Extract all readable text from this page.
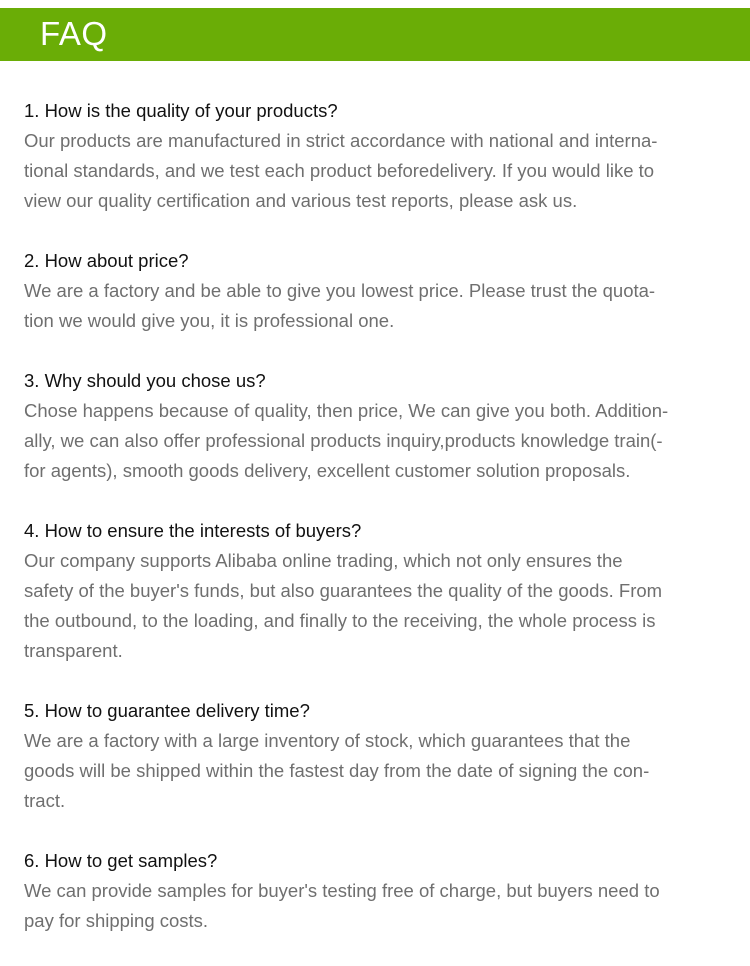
FAQ
1. How is the quality of your products?
Our products are manufactured in strict accordance with national and interna-
tional standards, and we test each product beforedelivery. If you would like to
view our quality certification and various test reports, please ask us.
2. How about price?
We are a factory and be able to give you lowest price. Please trust the quota-
tion we would give you, it is professional one.
3. Why should you chose us?
Chose happens because of quality, then price, We can give you both. Addition-
ally, we can also offer professional products inquiry,products knowledge train(-
for agents), smooth goods delivery, excellent customer solution proposals.
4. How to ensure the interests of buyers?
Our company supports Alibaba online trading, which not only ensures the
safety of the buyer's funds, but also guarantees the quality of the goods. From
the outbound, to the loading, and finally to the receiving, the whole process is
transparent.
5. How to guarantee delivery time?
We are a factory with a large inventory of stock, which guarantees that the
goods will be shipped within the fastest day from the date of signing the con-
tract.
6. How to get samples?
We can provide samples for buyer's testing free of charge, but buyers need to
pay for shipping costs.
